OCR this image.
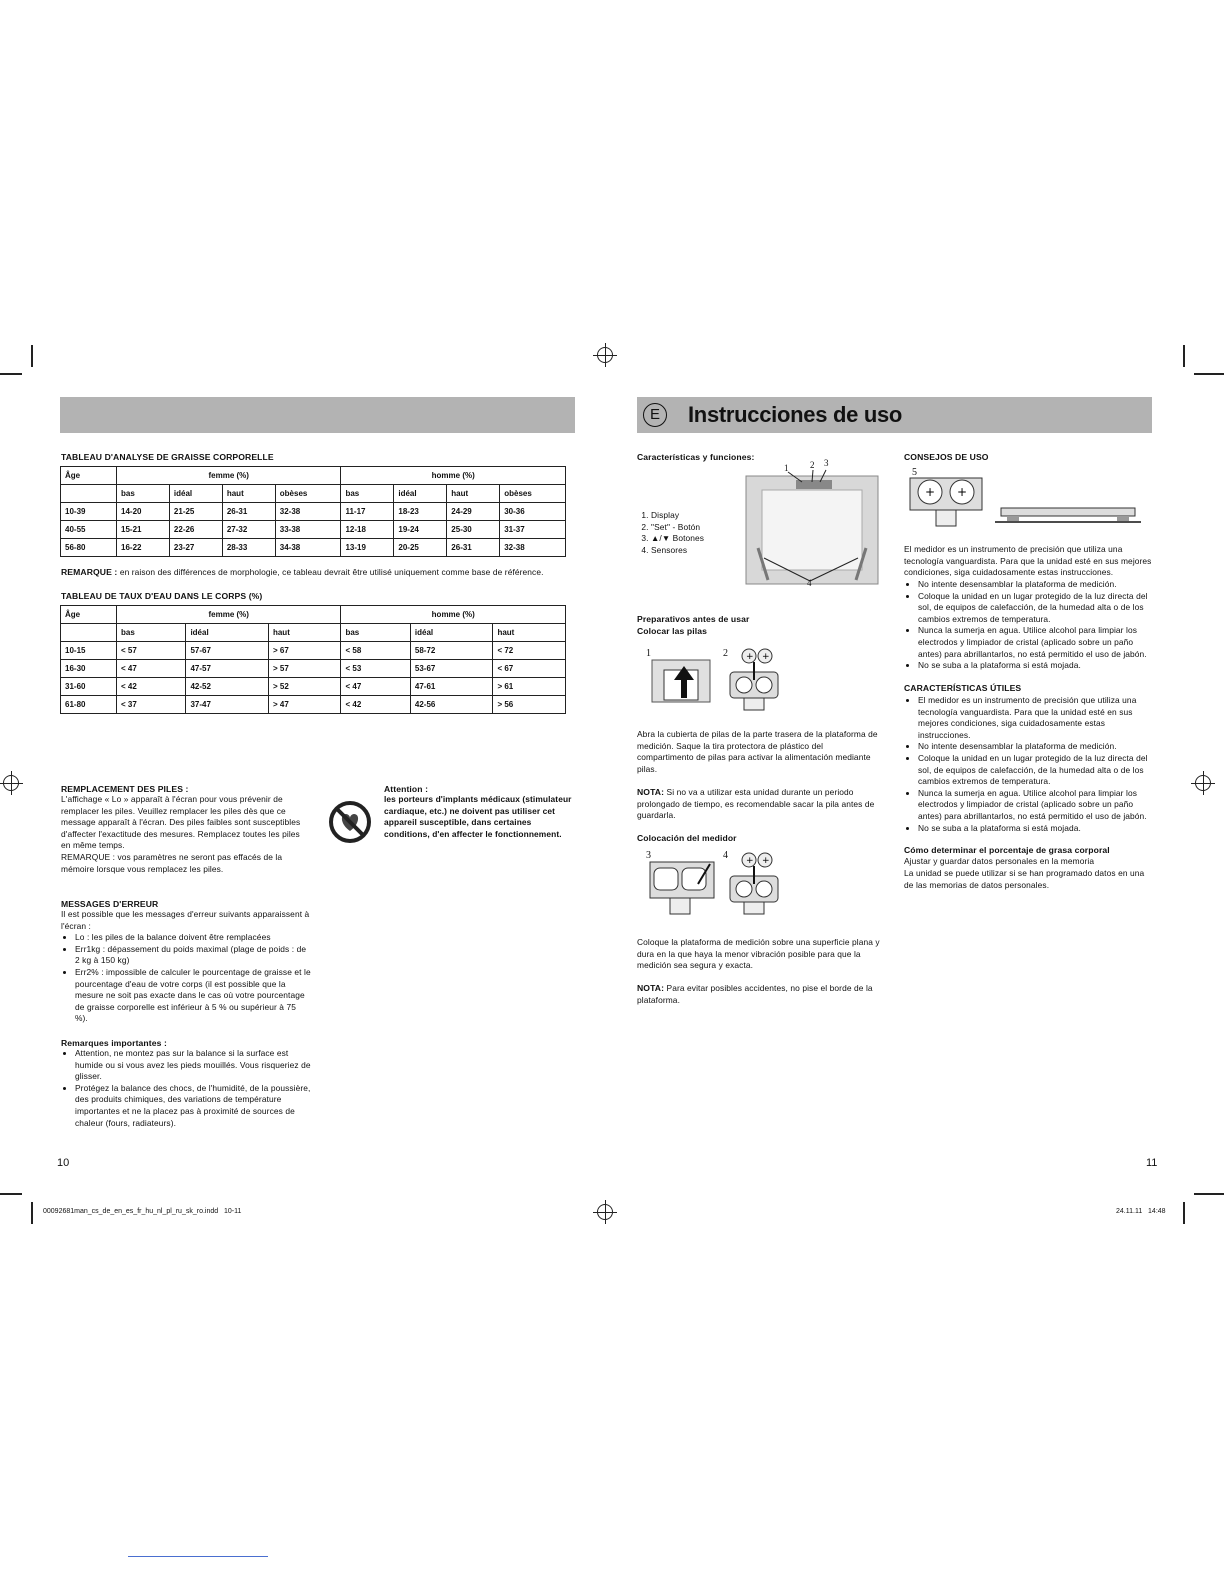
TABLEAU D'ANALYSE DE GRAISSE CORPORELLE
Âge	femme (%)				homme (%)			
	bas	idéal	haut	obèses	bas	idéal	haut	obèses
10-39	14-20	21-25	26-31	32-38	11-17	18-23	24-29	30-36
40-55	15-21	22-26	27-32	33-38	12-18	19-24	25-30	31-37
56-80	16-22	23-27	28-33	34-38	13-19	20-25	26-31	32-38
REMARQUE : en raison des différences de morphologie, ce tableau devrait être utilisé uniquement comme base de référence.
TABLEAU DE TAUX D'EAU DANS LE CORPS (%)
Âge	femme (%)			homme (%)		
	bas	idéal	haut	bas	idéal	haut
10-15	< 57	57-67	> 67	< 58	58-72	< 72
16-30	< 47	47-57	> 57	< 53	53-67	< 67
31-60	< 42	42-52	> 52	< 47	47-61	> 61
61-80	< 37	37-47	> 47	< 42	42-56	> 56
REMPLACEMENT DES PILES :
L'affichage « Lo » apparaît à l'écran pour vous prévenir de remplacer les piles. Veuillez remplacer les piles dès que ce message apparaît à l'écran. Des piles faibles sont susceptibles d'affecter l'exactitude des mesures. Remplacez toutes les piles en même temps.
REMARQUE : vos paramètres ne seront pas effacés de la mémoire lorsque vous remplacez les piles.
Attention :
les porteurs d'implants médicaux (stimulateur cardiaque, etc.) ne doivent pas utiliser cet appareil susceptible, dans certaines conditions, d'en affecter le fonctionnement.
MESSAGES D'ERREUR
Il est possible que les messages d'erreur suivants apparaissent à l'écran :
• Lo : les piles de la balance doivent être remplacées
• Err1kg : dépassement du poids maximal (plage de poids : de 2 kg à 150 kg)
• Err2% : impossible de calculer le pourcentage de graisse et le pourcentage d'eau de votre corps (il est possible que la mesure ne soit pas exacte dans le cas où votre pourcentage de graisse corporelle est inférieur à 5 % ou supérieur à 75 %).
Remarques importantes :
• Attention, ne montez pas sur la balance si la surface est humide ou si vous avez les pieds mouillés. Vous risqueriez de glisser.
• Protégez la balance des chocs, de l'humidité, de la poussière, des produits chimiques, des variations de température importantes et ne la placez pas à proximité de sources de chaleur (fours, radiateurs).
10
E	Instrucciones de uso
Características y funciones:
1. Display
2. "Set" - Botón
3. ▲/▼ Botones
4. Sensores
1 2 3
4
Preparativos antes de usar
Colocar las pilas
1	2 + +
Abra la cubierta de pilas de la parte trasera de la plataforma de medición. Saque la tira protectora de plástico del compartimento de pilas para activar la alimentación mediante pilas.
NOTA: Si no va a utilizar esta unidad durante un periodo prolongado de tiempo, es recomendable sacar la pila antes de guardarla.
Colocación del medidor
3	4 + +
Coloque la plataforma de medición sobre una superficie plana y dura en la que haya la menor vibración posible para que la medición sea segura y exacta.
NOTA: Para evitar posibles accidentes, no pise el borde de la plataforma.
CONSEJOS DE USO
5
+ +
El medidor es un instrumento de precisión que utiliza una tecnología vanguardista. Para que la unidad esté en sus mejores condiciones, siga cuidadosamente estas instrucciones.
• No intente desensamblar la plataforma de medición.
• Coloque la unidad en un lugar protegido de la luz directa del sol, de equipos de calefacción, de la humedad alta o de los cambios extremos de temperatura.
• Nunca la sumerja en agua. Utilice alcohol para limpiar los electrodos y limpiador de cristal (aplicado sobre un paño antes) para abrillantarlos, no está permitido el uso de jabón.
• No se suba a la plataforma si está mojada.
CARACTERÍSTICAS ÚTILES
• El medidor es un instrumento de precisión que utiliza una tecnología vanguardista. Para que la unidad esté en sus mejores condiciones, siga cuidadosamente estas instrucciones.
• No intente desensamblar la plataforma de medición.
• Coloque la unidad en un lugar protegido de la luz directa del sol, de equipos de calefacción, de la humedad alta o de los cambios extremos de temperatura.
• Nunca la sumerja en agua. Utilice alcohol para limpiar los electrodos y limpiador de cristal (aplicado sobre un paño antes) para abrillantarlos, no está permitido el uso de jabón.
• No se suba a la plataforma si está mojada.
Cómo determinar el porcentaje de grasa corporal
Ajustar y guardar datos personales en la memoria
La unidad se puede utilizar si se han programado datos en una de las memorias de datos personales.
11
00092681man_cs_de_en_es_fr_hu_nl_pl_ru_sk_ro.indd   10-11	24.11.11   14:48
